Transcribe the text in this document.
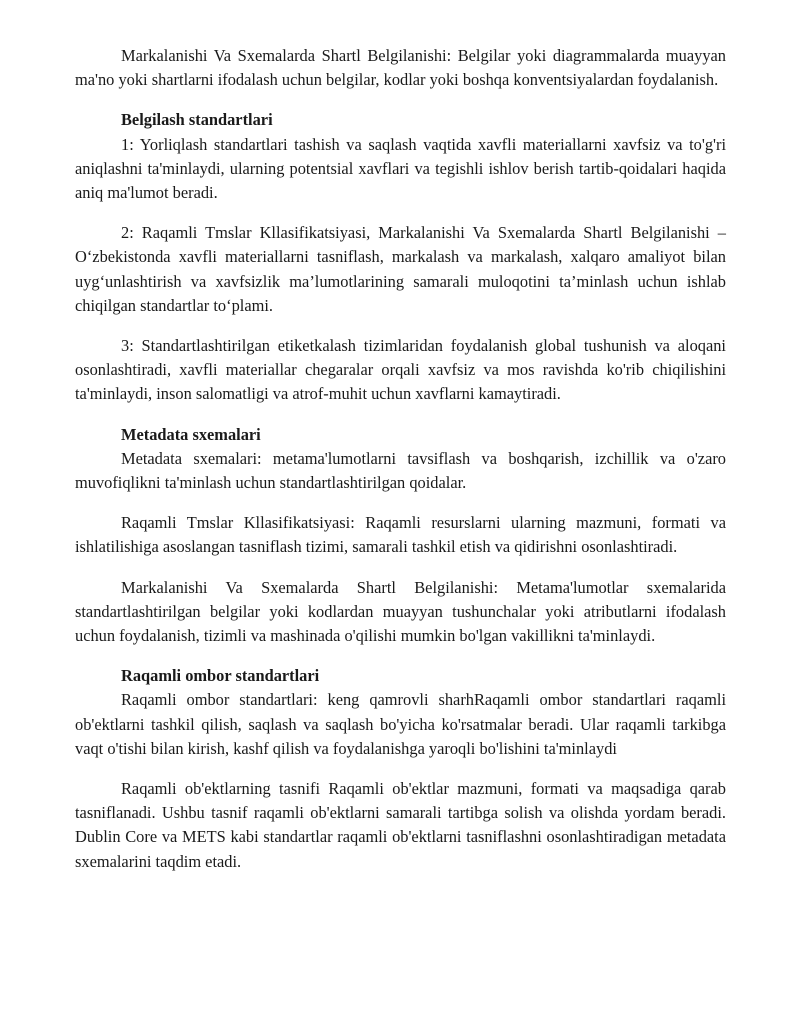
Markalanishi Va Sxemalarda Shartl Belgilanishi: Belgilar yoki diagrammalarda muayyan ma'no yoki shartlarni ifodalash uchun belgilar, kodlar yoki boshqa konventsiyalardan foydalanish.

Belgilash standartlari

1: Yorliqlash standartlari tashish va saqlash vaqtida xavfli materiallarni xavfsiz va to'g'ri aniqlashni ta'minlaydi, ularning potentsial xavflari va tegishli ishlov berish tartib-qoidalari haqida aniq ma'lumot beradi.

2: Raqamli Tmslar Kllasifikatsiyasi, Markalanishi Va Sxemalarda Shartl Belgilanishi – O‘zbekistonda xavfli materiallarni tasniflash, markalash va markalash, xalqaro amaliyot bilan uyg‘unlashtirish va xavfsizlik ma’lumotlarining samarali muloqotini ta’minlash uchun ishlab chiqilgan standartlar to‘plami.

3: Standartlashtirilgan etiketkalash tizimlaridan foydalanish global tushunish va aloqani osonlashtiradi, xavfli materiallar chegaralar orqali xavfsiz va mos ravishda ko'rib chiqilishini ta'minlaydi, inson salomatligi va atrof-muhit uchun xavflarni kamaytiradi.

Metadata sxemalari

Metadata sxemalari: metama'lumotlarni tavsiflash va boshqarish, izchillik va o'zaro muvofiqlikni ta'minlash uchun standartlashtirilgan qoidalar.

Raqamli Tmslar Kllasifikatsiyasi: Raqamli resurslarni ularning mazmuni, formati va ishlatilishiga asoslangan tasniflash tizimi, samarali tashkil etish va qidirishni osonlashtiradi.

Markalanishi Va Sxemalarda Shartl Belgilanishi: Metama'lumotlar sxemalarida standartlashtirilgan belgilar yoki kodlardan muayyan tushunchalar yoki atributlarni ifodalash uchun foydalanish, tizimli va mashinada o'qilishi mumkin bo'lgan vakillikni ta'minlaydi.

Raqamli ombor standartlari

Raqamli ombor standartlari: keng qamrovli sharhRaqamli ombor standartlari raqamli ob'ektlarni tashkil qilish, saqlash va saqlash bo'yicha ko'rsatmalar beradi. Ular raqamli tarkibga vaqt o'tishi bilan kirish, kashf qilish va foydalanishga yaroqli bo'lishini ta'minlaydi

Raqamli ob'ektlarning tasnifi Raqamli ob'ektlar mazmuni, formati va maqsadiga qarab tasniflanadi. Ushbu tasnif raqamli ob'ektlarni samarali tartibga solish va olishda yordam beradi. Dublin Core va METS kabi standartlar raqamli ob'ektlarni tasniflashni osonlashtiradigan metadata sxemalarini taqdim etadi.
